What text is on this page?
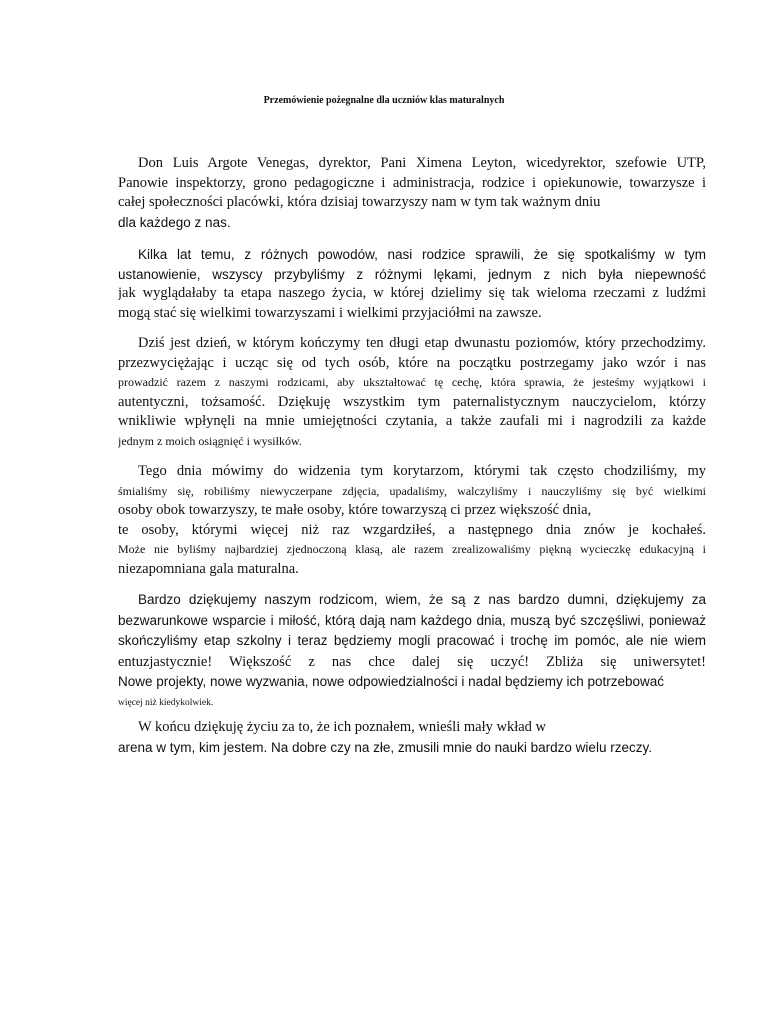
Przemówienie pożegnalne dla uczniów klas maturalnych
Don Luis Argote Venegas, dyrektor, Pani Ximena Leyton, wicedyrektor, szefowie UTP,
Panowie inspektorzy, grono pedagogiczne i administracja, rodzice i opiekunowie, towarzysze i
całej społeczności placówki, która dzisiaj towarzyszy nam w tym tak ważnym dniu
dla każdego z nas.
Kilka lat temu, z różnych powodów, nasi rodzice sprawili, że się spotkaliśmy w tym
ustanowienie, wszyscy przybyliśmy z różnymi lękami, jednym z nich była niepewność
jak wyglądałaby ta etapa naszego życia, w której dzielimy się tak wieloma rzeczami z ludźmi
mogą stać się wielkimi towarzyszami i wielkimi przyjaciółmi na zawsze.
Dziś jest dzień, w którym kończymy ten długi etap dwunastu poziomów, który przechodzimy.
przezwyciężając i ucząc się od tych osób, które na początku postrzegamy jako wzór i nas
prowadzić razem z naszymi rodzicami, aby ukształtować tę cechę, która sprawia, że jesteśmy wyjątkowi i
autentyczni, tożsamość. Dziękuję wszystkim tym paternalistycznym nauczycielom, którzy
wnikliwie wpłynęli na mnie umiejętności czytania, a także zaufali mi i nagrodzili za każde
jednym z moich osiągnięć i wysiłków.
Tego dnia mówimy do widzenia tym korytarzom, którymi tak często chodziliśmy, my
śmialiśmy się, robiliśmy niewyczerpane zdjęcia, upadaliśmy, walczyliśmy i nauczyliśmy się być wielkimi
osoby obok towarzyszy, te małe osoby, które towarzyszą ci przez większość dnia,
te osoby, którymi więcej niż raz wzgardziłeś, a następnego dnia znów je kochałeś.
Może nie byliśmy najbardziej zjednoczoną klasą, ale razem zrealizowaliśmy piękną wycieczkę edukacyjną i
niezapomniana gala maturalna.
Bardzo dziękujemy naszym rodzicom, wiem, że są z nas bardzo dumni, dziękujemy za
bezwarunkowe wsparcie i miłość, którą dają nam każdego dnia, muszą być szczęśliwi, ponieważ
skończyliśmy etap szkolny i teraz będziemy mogli pracować i trochę im pomóc, ale nie wiem
entuzjastycznie! Większość z nas chce dalej się uczyć! Zbliża się uniwersytet!
Nowe projekty, nowe wyzwania, nowe odpowiedzialności i nadal będziemy ich potrzebować
więcej niż kiedykolwiek.
W końcu dziękuję życiu za to, że ich poznałem, wnieśli mały wkład w
arena w tym, kim jestem. Na dobre czy na złe, zmusili mnie do nauki bardzo wielu rzeczy.
